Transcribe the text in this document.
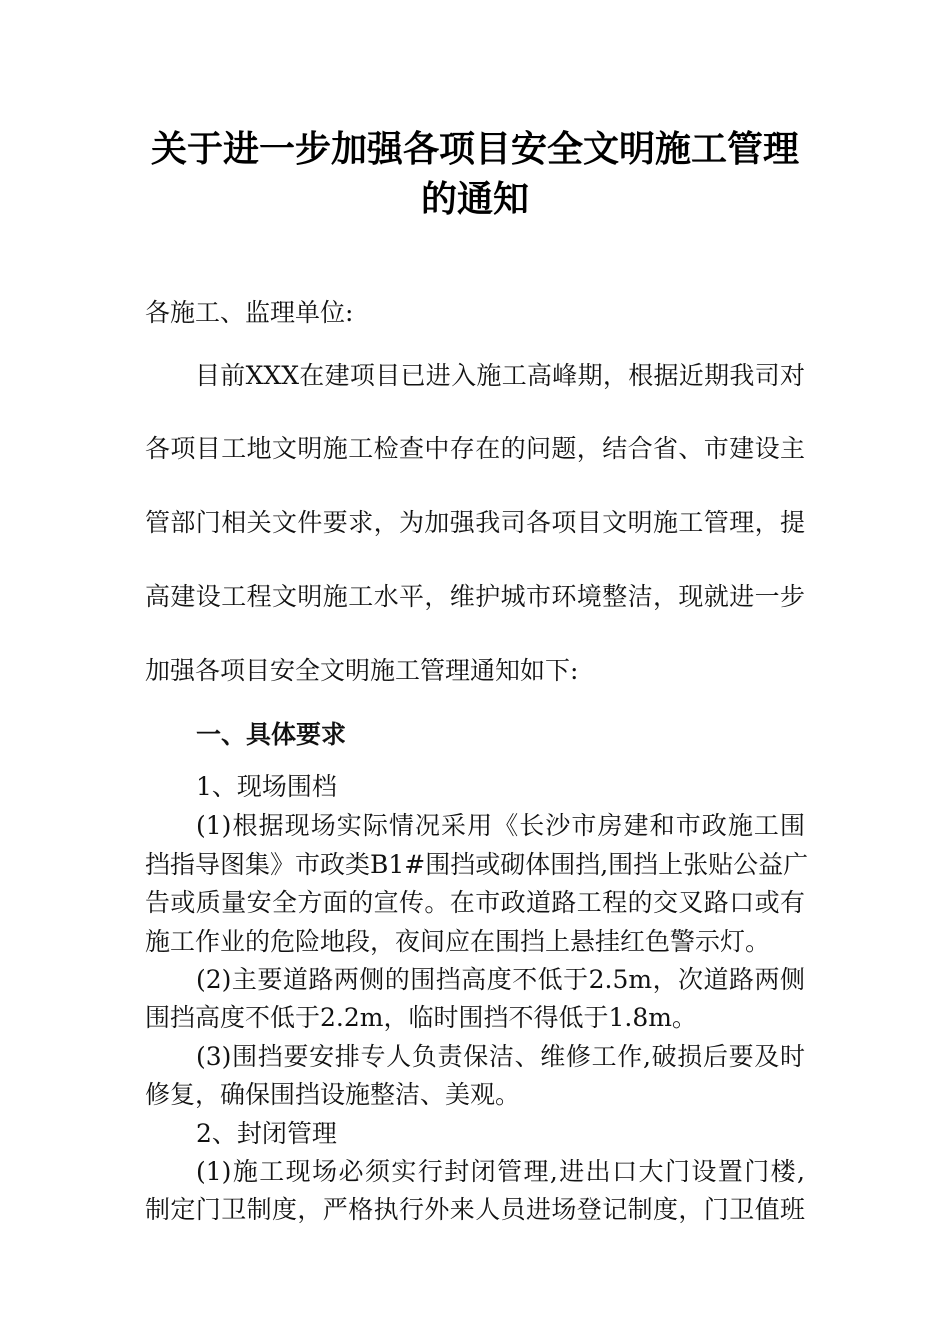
关于进一步加强各项目安全文明施工管理
的通知

各施工、监理单位:

目前XXX在建项目已进入施工高峰期，根据近期我司对

各项目工地文明施工检查中存在的问题，结合省、市建设主

管部门相关文件要求，为加强我司各项目文明施工管理，提

高建设工程文明施工水平，维护城市环境整洁，现就进一步

加强各项目安全文明施工管理通知如下:

一、具体要求

1、现场围档

(1)根据现场实际情况采用《长沙市房建和市政施工围

挡指导图集》市政类B1#围挡或砌体围挡,围挡上张贴公益广

告或质量安全方面的宣传。在市政道路工程的交叉路口或有

施工作业的危险地段，夜间应在围挡上悬挂红色警示灯。

(2)主要道路两侧的围挡高度不低于2.5m，次道路两侧

围挡高度不低于2.2m，临时围挡不得低于1.8m。

(3)围挡要安排专人负责保洁、维修工作,破损后要及时

修复，确保围挡设施整洁、美观。

2、封闭管理

(1)施工现场必须实行封闭管理,进出口大门设置门楼,

制定门卫制度，严格执行外来人员进场登记制度，门卫值班
